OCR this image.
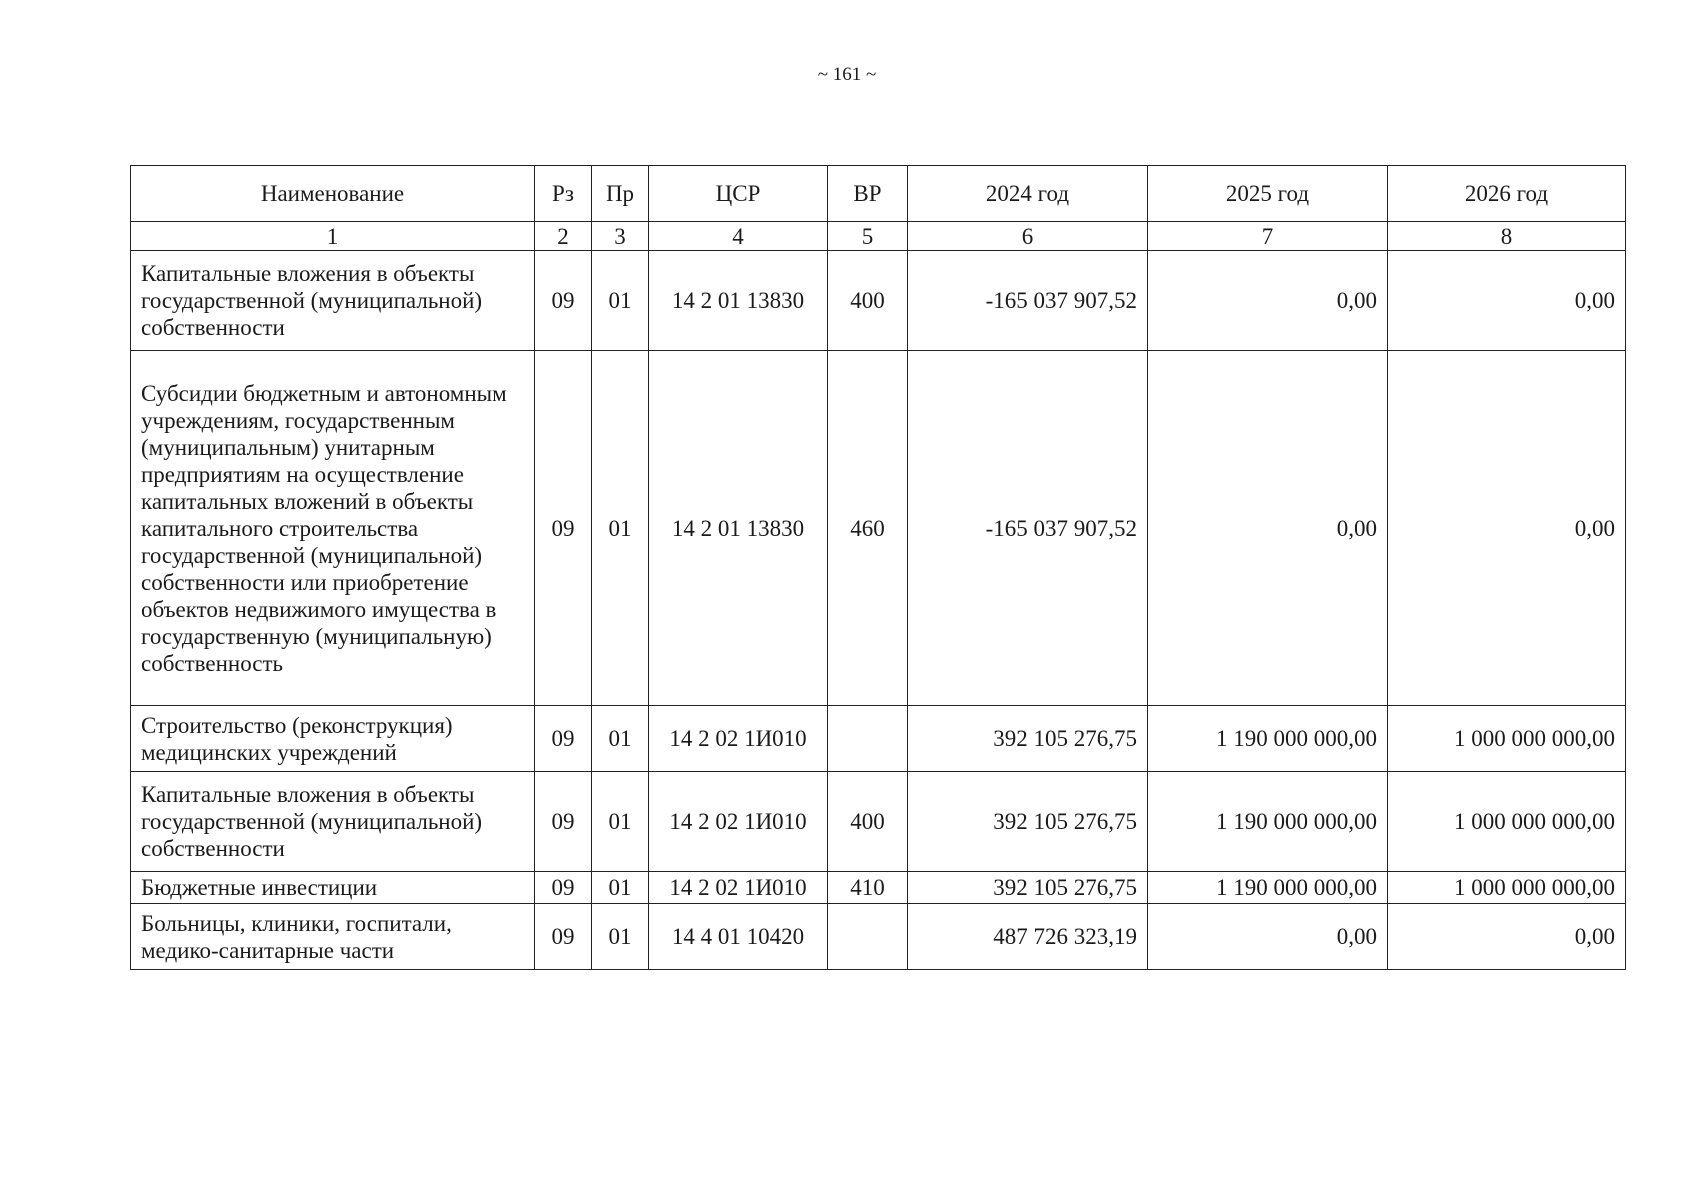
~ 161 ~
Наименование	Рз	Пр	ЦСР	ВР	2024 год	2025 год	2026 год
1	2	3	4	5	6	7	8
Капитальные вложения в объекты государственной (муниципальной) собственности	09	01	14 2 01 13830	400	-165 037 907,52	0,00	0,00
Субсидии бюджетным и автономным учреждениям, государственным (муниципальным) унитарным предприятиям на осуществление капитальных вложений в объекты капитального строительства государственной (муниципальной) собственности или приобретение объектов недвижимого имущества в государственную (муниципальную) собственность	09	01	14 2 01 13830	460	-165 037 907,52	0,00	0,00
Строительство (реконструкция) медицинских учреждений	09	01	14 2 02 1И010		392 105 276,75	1 190 000 000,00	1 000 000 000,00
Капитальные вложения в объекты государственной (муниципальной) собственности	09	01	14 2 02 1И010	400	392 105 276,75	1 190 000 000,00	1 000 000 000,00
Бюджетные инвестиции	09	01	14 2 02 1И010	410	392 105 276,75	1 190 000 000,00	1 000 000 000,00
Больницы, клиники, госпитали, медико-санитарные части	09	01	14 4 01 10420		487 726 323,19	0,00	0,00
